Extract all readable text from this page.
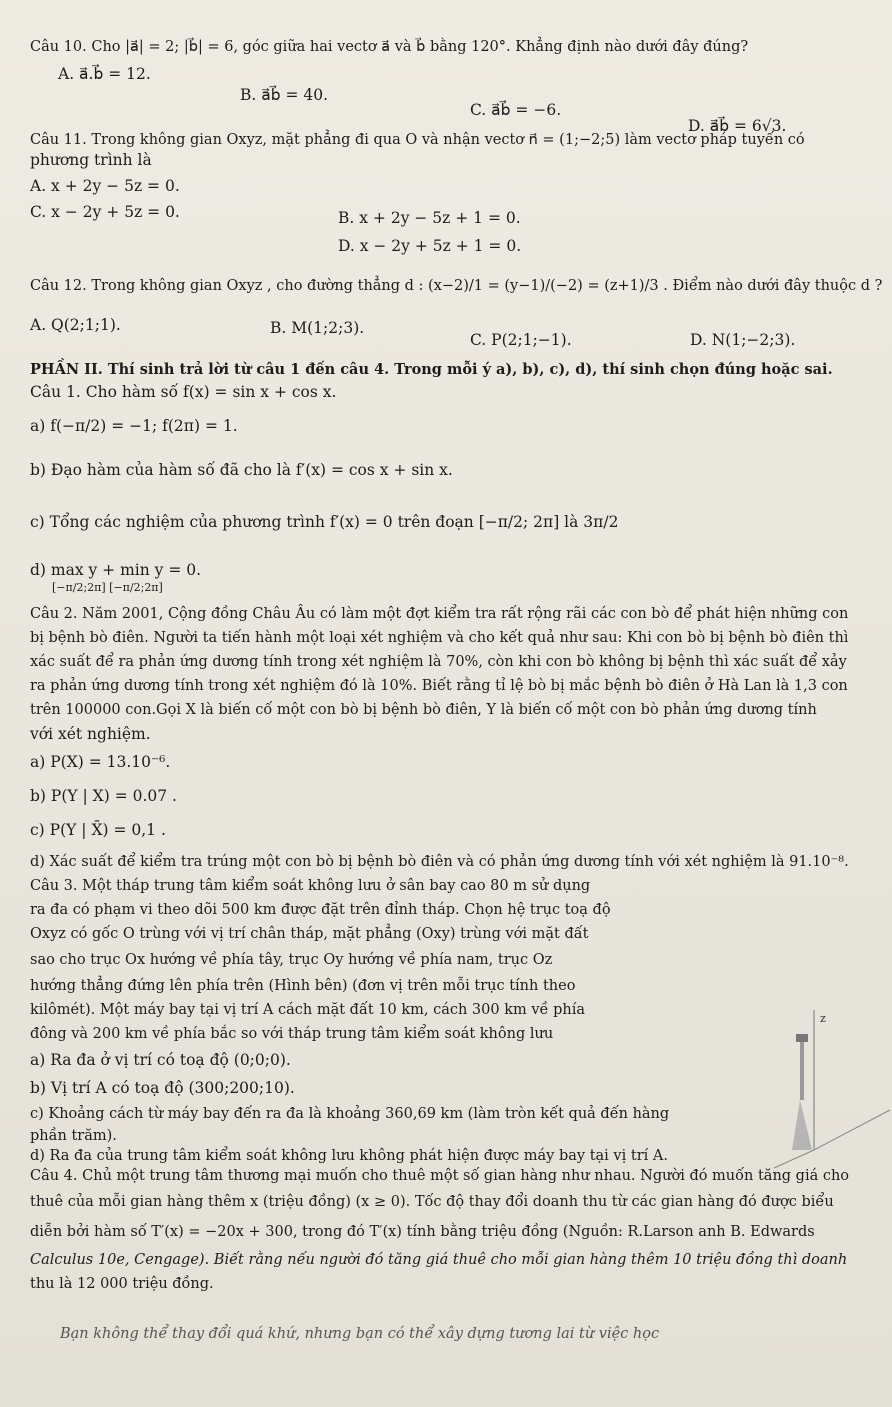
Câu 10. Cho |a⃗| = 2; |b⃗| = 6, góc giữa hai vectơ a⃗ và b⃗ bằng 120°. Khẳng định nào dưới đây đúng?
A. a⃗.b⃗ = 12.
B. a⃗b⃗ = 40.
C. a⃗b⃗ = −6.
D. a⃗b⃗ = 6√3.
Câu 11. Trong không gian Oxyz, mặt phẳng đi qua O và nhận vectơ n⃗ = (1;−2;5) làm vectơ pháp tuyến có
phương trình là
A. x + 2y − 5z = 0.
C. x − 2y + 5z = 0.	B. x + 2y − 5z + 1 = 0.
D. x − 2y + 5z + 1 = 0.
Câu 12. Trong không gian Oxyz , cho đường thẳng d : (x−2)/1 = (y−1)/(−2) = (z+1)/3 . Điểm nào dưới đây thuộc d ?
A. Q(2;1;1).	B. M(1;2;3).
C. P(2;1;−1).	D. N(1;−2;3).
PHẦN II. Thí sinh trả lời từ câu 1 đến câu 4. Trong mỗi ý a), b), c), d), thí sinh chọn đúng hoặc sai.
Câu 1. Cho hàm số f(x) = sin x + cos x.
a) f(−π/2) = −1; f(2π) = 1.
b) Đạo hàm của hàm số đã cho là f′(x) = cos x + sin x.
c) Tổng các nghiệm của phương trình f′(x) = 0 trên đoạn [−π/2; 2π] là 3π/2
d) max y + min y = 0.
[−π/2;2π] [−π/2;2π]
Câu 2. Năm 2001, Cộng đồng Châu Âu có làm một đợt kiểm tra rất rộng rãi các con bò để phát hiện những con
bị bệnh bò điên. Người ta tiến hành một loại xét nghiệm và cho kết quả như sau: Khi con bò bị bệnh bò điên thì
xác suất để ra phản ứng dương tính trong xét nghiệm là 70%, còn khi con bò không bị bệnh thì xác suất để xảy
ra phản ứng dương tính trong xét nghiệm đó là 10%. Biết rằng tỉ lệ bò bị mắc bệnh bò điên ở Hà Lan là 1,3 con
trên 100000 con.Gọi X là biến cố một con bò bị bệnh bò điên, Y là biến cố một con bò phản ứng dương tính
với xét nghiệm.
a) P(X) = 13.10⁻⁶.
b) P(Y | X) = 0.07 .
c) P(Y | X̄) = 0,1 .
d) Xác suất để kiểm tra trúng một con bò bị bệnh bò điên và có phản ứng dương tính với xét nghiệm là 91.10⁻⁸.
Câu 3. Một tháp trung tâm kiểm soát không lưu ở sân bay cao 80 m sử dụng
ra đa có phạm vi theo dõi 500 km được đặt trên đỉnh tháp. Chọn hệ trục toạ độ
Oxyz có gốc O trùng với vị trí chân tháp, mặt phẳng (Oxy) trùng với mặt đất
sao cho trục Ox hướng về phía tây, trục Oy hướng về phía nam, trục Oz
hướng thẳng đứng lên phía trên (Hình bên) (đơn vị trên mỗi trục tính theo
kilômét). Một máy bay tại vị trí A cách mặt đất 10 km, cách 300 km về phía
đông và 200 km về phía bắc so với tháp trung tâm kiểm soát không lưu
a) Ra đa ở vị trí có toạ độ (0;0;0).
b) Vị trí A có toạ độ (300;200;10).
c) Khoảng cách từ máy bay đến ra đa là khoảng 360,69 km (làm tròn kết quả đến hàng
phần trăm).
d) Ra đa của trung tâm kiểm soát không lưu không phát hiện được máy bay tại vị trí A.
z
Câu 4. Chủ một trung tâm thương mại muốn cho thuê một số gian hàng như nhau. Người đó muốn tăng giá cho
thuê của mỗi gian hàng thêm x (triệu đồng) (x ≥ 0). Tốc độ thay đổi doanh thu từ các gian hàng đó được biểu
diễn bởi hàm số T′(x) = −20x + 300, trong đó T′(x) tính bằng triệu đồng (Nguồn: R.Larson anh B. Edwards
Calculus 10e, Cengage). Biết rằng nếu người đó tăng giá thuê cho mỗi gian hàng thêm 10 triệu đồng thì doanh
thu là 12 000 triệu đồng.
Bạn không thể thay đổi quá khứ, nhưng bạn có thể xây dựng tương lai từ việc học
